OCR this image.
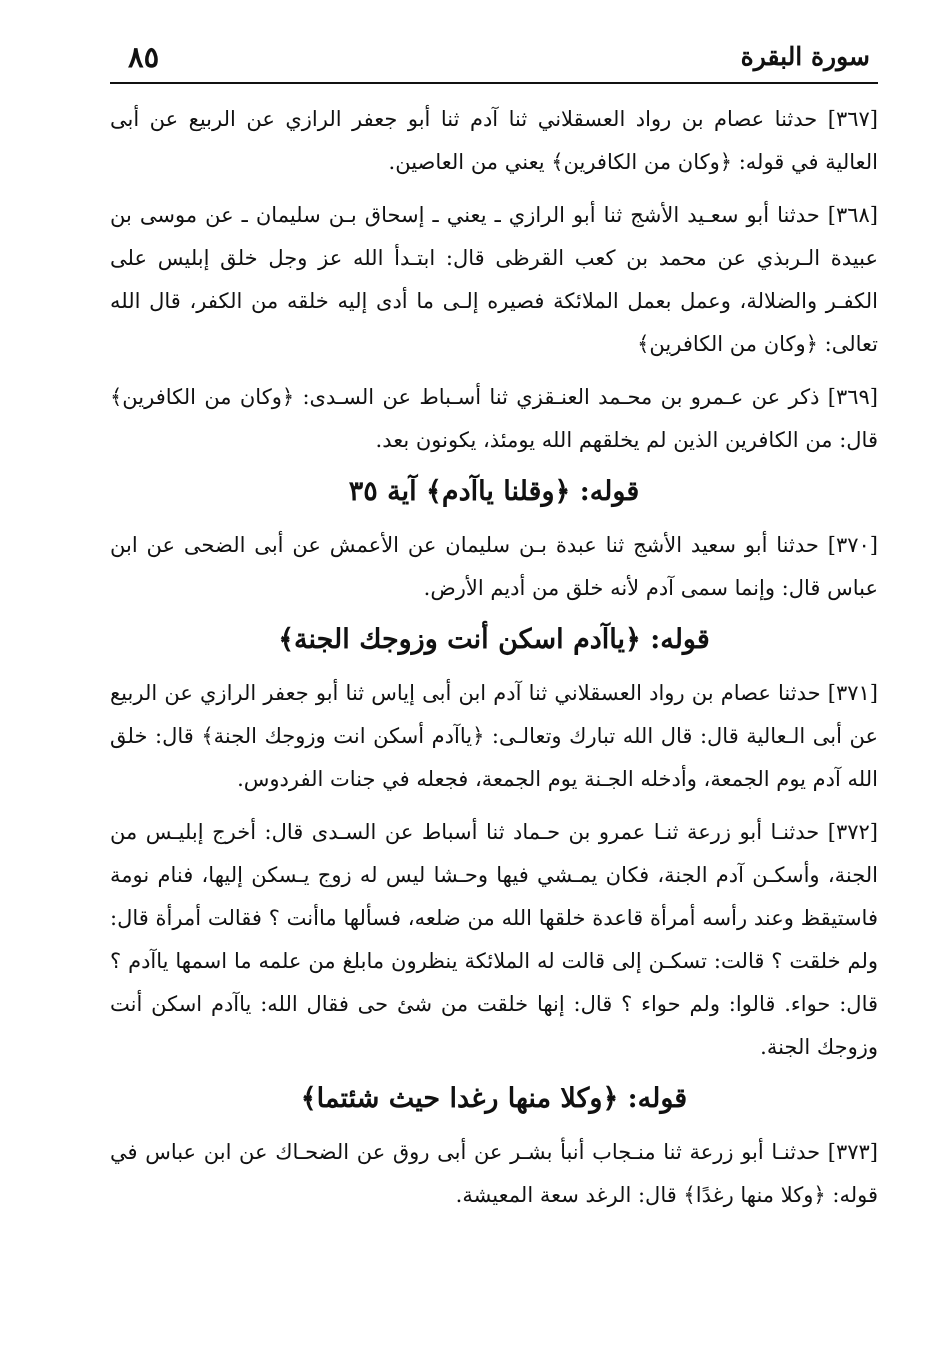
سورة البقرة
٨٥

[٣٦٧] حدثنا عصام بن رواد العسقلاني ثنا آدم ثنا أبو جعفر الرازي عن الربيع عن أبى العالية في قوله: ﴿وكان من الكافرين﴾ يعني من العاصين.

[٣٦٨] حدثنا أبو سعـيد الأشج ثنا أبو الرازي ـ يعني ـ إسحاق بـن سليمان ـ عن موسى بن عبيدة الـربذي عن محمد بن كعب القرظى قال: ابتـدأ الله عز وجل خلق إبليس على الكفـر والضلالة، وعمل بعمل الملائكة فصيره إلـى ما أدى إليه خلقه من الكفر، قال الله تعالى: ﴿وكان من الكافرين﴾

[٣٦٩] ذكر عن عـمرو بن محـمد العنـقزي ثنا أسـباط عن السـدى: ﴿وكان من الكافرين﴾ قال: من الكافرين الذين لم يخلقهم الله يومئذ، يكونون بعد.

قوله: ﴿وقلنا ياآدم﴾ آية ٣٥

[٣٧٠] حدثنا أبو سعيد الأشج ثنا عبدة بـن سليمان عن الأعمش عن أبى الضحى عن ابن عباس قال: وإنما سمى آدم لأنه خلق من أديم الأرض.

قوله: ﴿ياآدم اسكن أنت وزوجك الجنة﴾

[٣٧١] حدثنا عصام بن رواد العسقلاني ثنا آدم ابن أبى إياس ثنا أبو جعفر الرازي عن الربيع عن أبى الـعالية قال: قال الله تبارك وتعالـى: ﴿ياآدم أسكن انت وزوجك الجنة﴾ قال: خلق الله آدم يوم الجمعة، وأدخله الجـنة يوم الجمعة، فجعله في جنات الفردوس.

[٣٧٢] حدثنـا أبو زرعة ثنـا عمرو بن حـماد ثنا أسباط عن السـدى قال: أخرج إبليـس من الجنة، وأسكـن آدم الجنة، فكان يمـشي فيها وحـشا ليس له زوج يـسكن إليها، فنام نومة فاستيقظ وعند رأسه أمرأة قاعدة خلقها الله من ضلعه، فسألها ماأنت ؟ فقالت أمرأة قال: ولم خلقت ؟ قالت: تسكـن إلى قالت له الملائكة ينظرون مابلغ من علمه ما اسمها ياآدم ؟ قال: حواء. قالوا: ولم حواء ؟ قال: إنها خلقت من شئ حى فقال الله: ياآدم اسكن أنت وزوجك الجنة.

قوله: ﴿وكلا منها رغدا حيث شئتما﴾

[٣٧٣] حدثنـا أبو زرعة ثنا منـجاب أنبأ بشـر عن أبى روق عن الضحـاك عن ابن عباس في قوله: ﴿وكلا منها رغدًا﴾ قال: الرغد سعة المعيشة.
